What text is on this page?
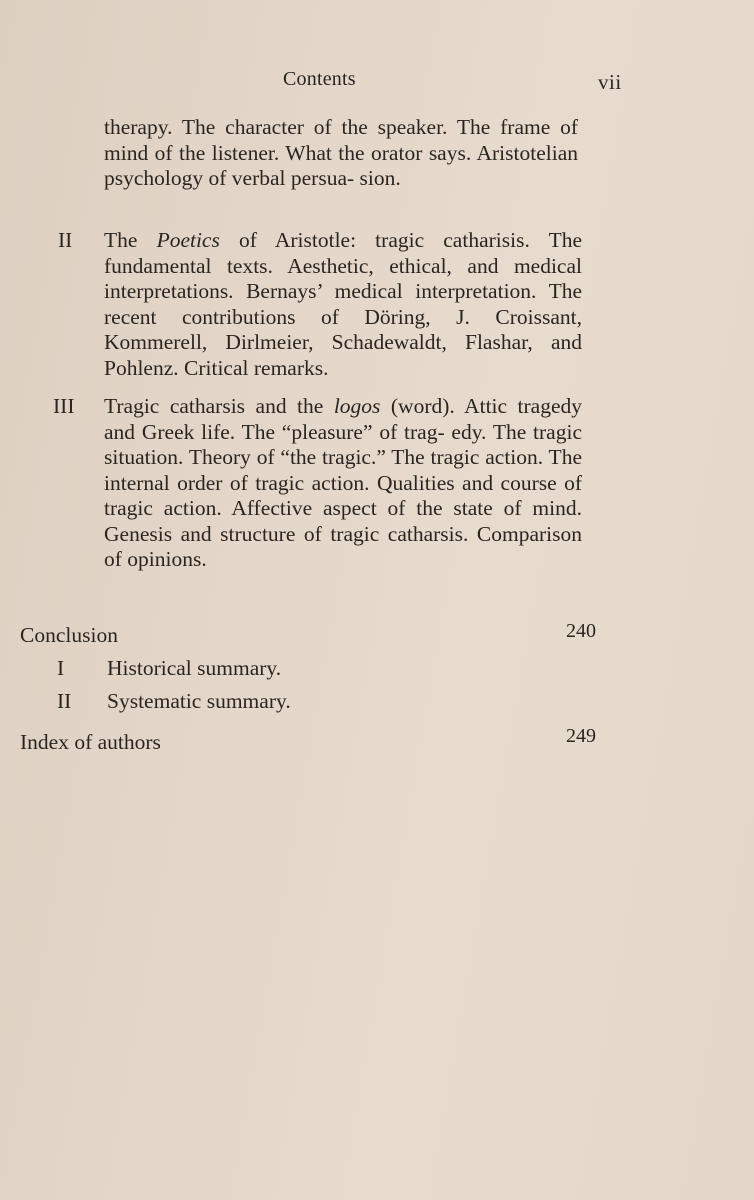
Contents	vii
therapy. The character of the speaker. The frame of mind of the listener. What the orator says. Aristotelian psychology of verbal persua- sion.
II The Poetics of Aristotle: tragic catharisis. The fundamental texts. Aesthetic, ethical, and medical interpretations. Bernays’ medical interpretation. The recent contributions of Döring, J. Croissant, Kommerell, Dirlmeier, Schadewaldt, Flashar, and Pohlenz. Critical remarks.
III Tragic catharsis and the logos (word). Attic tragedy and Greek life. The “pleasure” of trag- edy. The tragic situation. Theory of “the tragic.” The tragic action. The internal order of tragic action. Qualities and course of tragic action. Affective aspect of the state of mind. Genesis and structure of tragic catharsis. Comparison of opinions.
Conclusion	240
I Historical summary.
II Systematic summary.
Index of authors	249
